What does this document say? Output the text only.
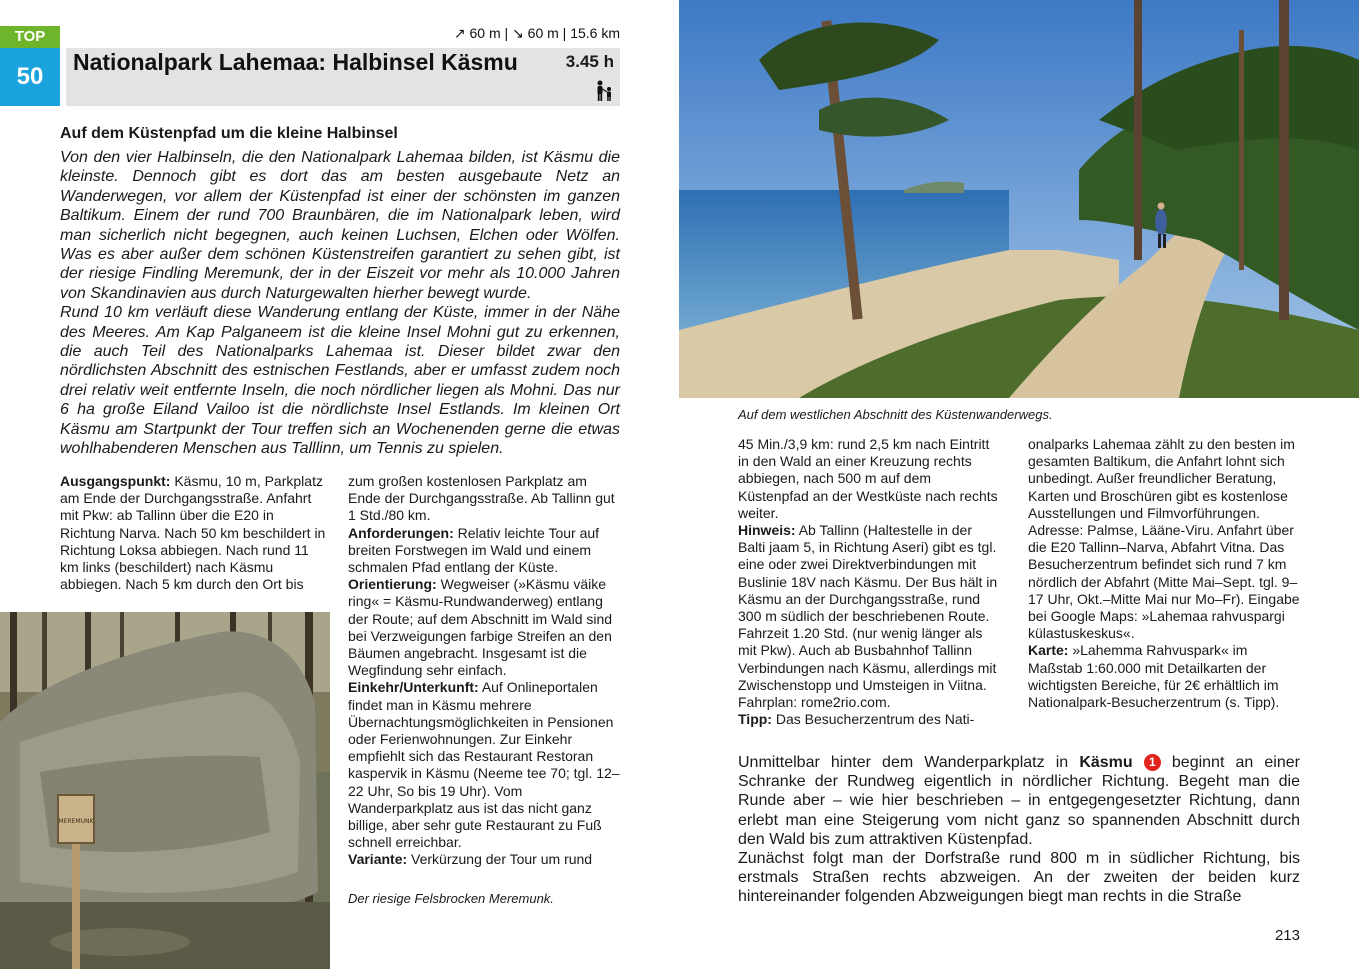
TOP
50
Nationalpark Lahemaa: Halbinsel Käsmu
↗ 60 m | ↘ 60 m | 15.6 km
3.45 h
Auf dem Küstenpfad um die kleine Halbinsel

Von den vier Halbinseln, die den Nationalpark Lahemaa bilden, ist Käsmu die kleinste. Dennoch gibt es dort das am besten ausgebaute Netz an Wanderwegen, vor allem der Küstenpfad ist einer der schönsten im ganzen Baltikum. Einem der rund 700 Braunbären, die im Nationalpark leben, wird man sicherlich nicht begegnen, auch keinen Luchsen, Elchen oder Wölfen. Was es aber außer dem schönen Küstenstreifen garantiert zu sehen gibt, ist der riesige Findling Meremunk, der in der Eiszeit vor mehr als 10.000 Jahren von Skandinavien aus durch Naturgewalten hierher bewegt wurde.

Rund 10 km verläuft diese Wanderung entlang der Küste, immer in der Nähe des Meeres. Am Kap Palganeem ist die kleine Insel Mohni gut zu erkennen, die auch Teil des Nationalparks Lahemaa ist. Dieser bildet zwar den nördlichsten Abschnitt des estnischen Festlands, aber er umfasst zudem noch drei relativ weit entfernte Inseln, die noch nördlicher liegen als Mohni. Das nur 6 ha große Eiland Vailoo ist die nördlichste Insel Estlands. Im kleinen Ort Käsmu am Startpunkt der Tour treffen sich an Wochenenden gerne die etwas wohlhabenderen Menschen aus Talllinn, um Tennis zu spielen.

Ausgangspunkt: Käsmu, 10 m, Parkplatz am Ende der Durchgangsstraße. Anfahrt mit Pkw: ab Tallinn über die E20 in Richtung Narva. Nach 50 km beschildert in Richtung Loksa abbiegen. Nach rund 11 km links (beschildert) nach Käsmu abbiegen. Nach 5 km durch den Ort bis

zum großen kostenlosen Parkplatz am Ende der Durchgangsstraße. Ab Tallinn gut 1 Std./80 km.

Anforderungen: Relativ leichte Tour auf breiten Forstwegen im Wald und einem schmalen Pfad entlang der Küste.

Orientierung: Wegweiser (»Käsmu väike ring« = Käsmu-Rundwanderweg) entlang der Route; auf dem Abschnitt im Wald sind bei Verzweigungen farbige Streifen an den Bäumen angebracht. Insgesamt ist die Wegfindung sehr einfach.

Einkehr/Unterkunft: Auf Onlineportalen findet man in Käsmu mehrere Übernachtungsmöglichkeiten in Pensionen oder Ferienwohnungen. Zur Einkehr empfiehlt sich das Restaurant Restoran kaspervik in Käsmu (Neeme tee 70; tgl. 12–22 Uhr, So bis 19 Uhr). Vom Wanderparkplatz aus ist das nicht ganz billige, aber sehr gute Restaurant zu Fuß schnell erreichbar.

Variante: Verkürzung der Tour um rund

MEREMUNK
Der riesige Felsbrocken Meremunk.
Auf dem westlichen Abschnitt des Küstenwanderwegs.

45 Min./3,9 km: rund 2,5 km nach Eintritt in den Wald an einer Kreuzung rechts abbiegen, nach 500 m auf dem Küstenpfad an der Westküste nach rechts weiter.

Hinweis: Ab Tallinn (Haltestelle in der Balti jaam 5, in Richtung Aseri) gibt es tgl. eine oder zwei Direktverbindungen mit Buslinie 18V nach Käsmu. Der Bus hält in Käsmu an der Durchgangsstraße, rund 300 m südlich der beschriebenen Route. Fahrzeit 1.20 Std. (nur wenig länger als mit Pkw). Auch ab Busbahnhof Tallinn Verbindungen nach Käsmu, allerdings mit Zwischenstopp und Umsteigen in Viitna. Fahrplan: rome2rio.com.

Tipp: Das Besucherzentrum des Nati-

onalparks Lahemaa zählt zu den besten im gesamten Baltikum, die Anfahrt lohnt sich unbedingt. Außer freundlicher Beratung, Karten und Broschüren gibt es kostenlose Ausstellungen und Filmvorführungen. Adresse: Palmse, Lääne-Viru. Anfahrt über die E20 Tallinn–Narva, Abfahrt Vitna. Das Besucherzentrum befindet sich rund 7 km nördlich der Abfahrt (Mitte Mai–Sept. tgl. 9–17 Uhr, Okt.–Mitte Mai nur Mo–Fr). Eingabe bei Google Maps: »Lahemaa rahvuspargi külastuskeskus«.

Karte: »Lahemma Rahvuspark« im Maßstab 1:60.000 mit Detailkarten der wichtigsten Bereiche, für 2€ erhältlich im Nationalpark-Besucherzentrum (s. Tipp).

Unmittelbar hinter dem Wanderparkplatz in Käsmu 1 beginnt an einer Schranke der Rundweg eigentlich in nördlicher Richtung. Begeht man die Runde aber – wie hier beschrieben – in entgegengesetzter Richtung, dann erlebt man eine Steigerung vom nicht ganz so spannenden Abschnitt durch den Wald bis zum attraktiven Küstenpfad.

Zunächst folgt man der Dorfstraße rund 800 m in südlicher Richtung, bis erstmals Straßen rechts abzweigen. An der zweiten der beiden kurz hintereinander folgenden Abzweigungen biegt man rechts in die Straße

213
